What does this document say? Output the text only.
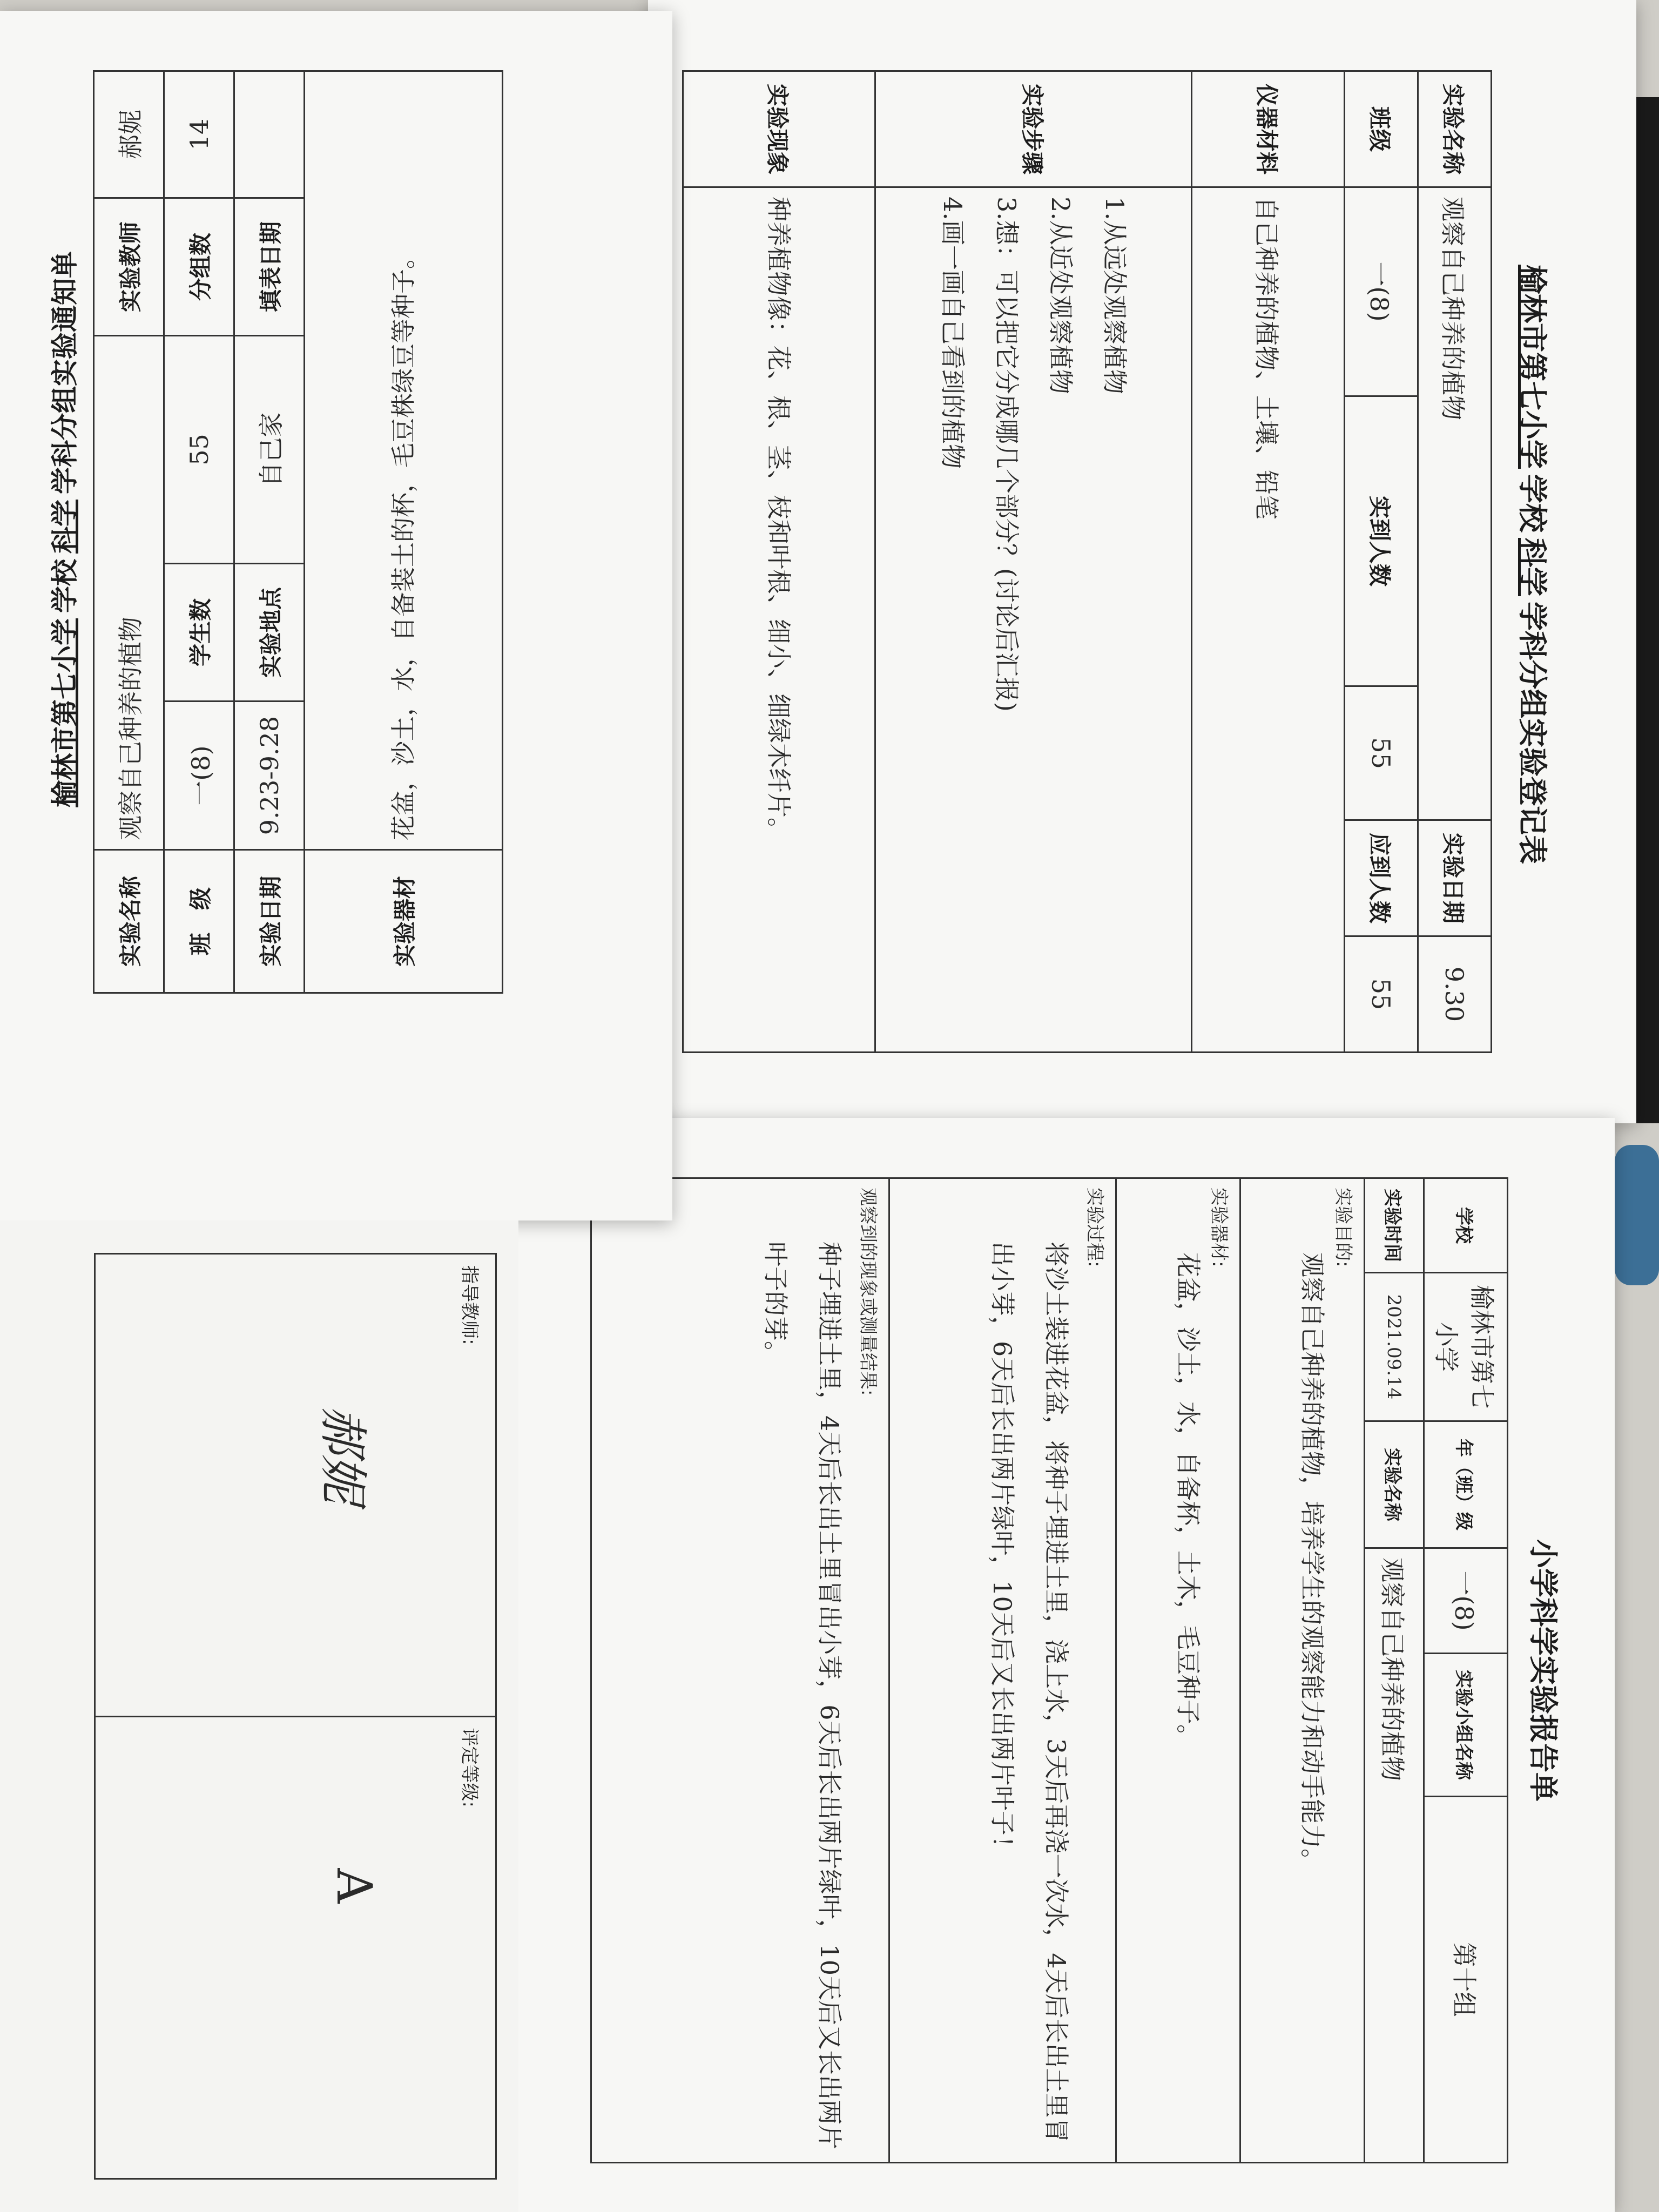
榆林市第七小学学校科学学科分组实验登记表
实验名称	观察自己种养的植物			实验日期	9.30
班级	一(8)	实到人数	55	应到人数	55
仪器材料	自己种养的植物、土壤、铅笔				
实验步骤	1.从远处观察植物
2.从近处观察植物
3.想：可以把它分成哪几个部分？(讨论后汇报)
4.画一画自己看到的植物				

实验现象	种养植物像：花、根、茎、枝和叶根、细小、细绿木纤片。				
小学科学实验报告单
学校	榆林市第七小学	年（班）级	一(8)	实验小组名称	第十组
实验时间	2021.09.14	实验名称	观察自己种养的植物		

实验目的:
观察自己种养的植物，培养学生的观察能力和动手能力。					

实验器材:
花盆，沙土，水，自备杯，土木，毛豆种子。					

实验过程:
将沙土装进花盆，将种子埋进土里，浇上水，3天后再浇一次水，4天后长出土里冒出小芽，6天后长出两片绿叶，10天后又长出两片叶子！					

观察到的现象或测量结果:
种子埋进土里，4天后长出土里冒出小芽，6天后长出两片绿叶，10天后又长出两片叶子的芽。					
榆林市第七小学学校科学学科分组实验通知单
实验名称	观察自己种养的植物			实验教师	郝妮
班　级	一(8)	学生数	55	分组数	14
实验日期	9.23-9.28	实验地点	自己家	填表日期	
实验器材	花盆，沙土，水，自备装土的杯，毛豆株绿豆等种子。				
指导教师:
郝妮
评定等级:
A
